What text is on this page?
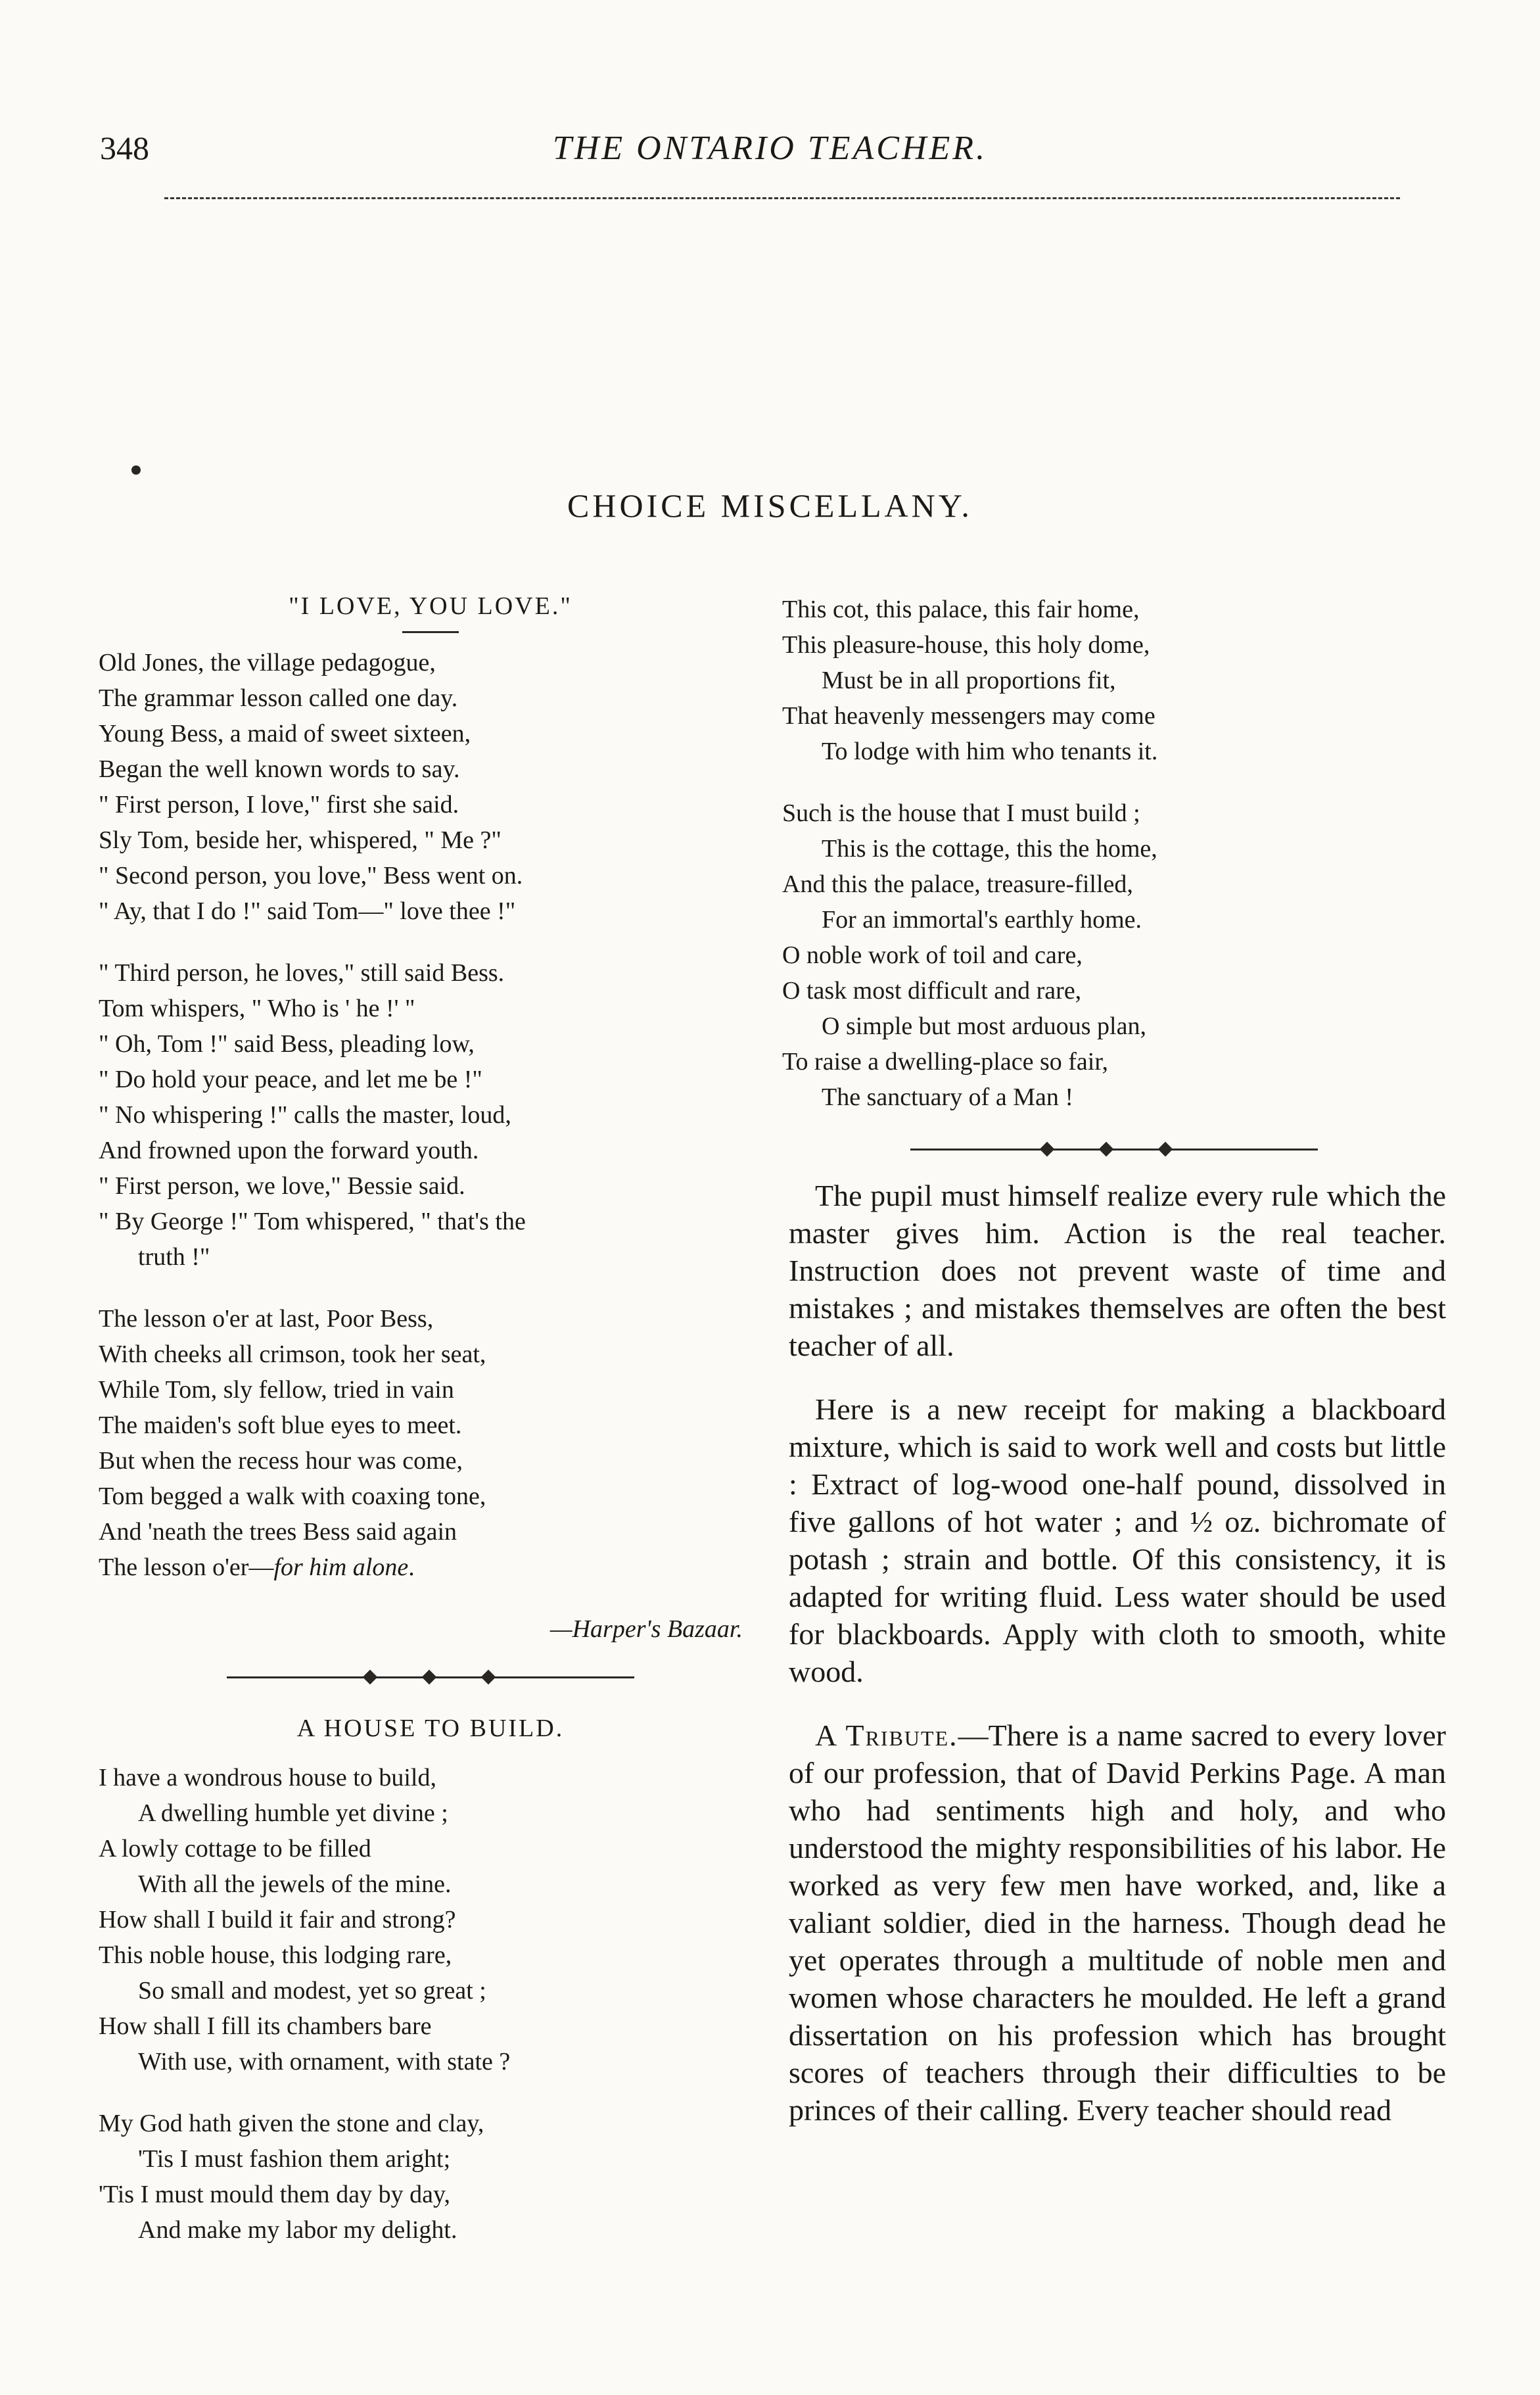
348	THE ONTARIO TEACHER.
CHOICE MISCELLANY.

"I LOVE, YOU LOVE."

Old Jones, the village pedagogue,
The grammar lesson called one day.
Young Bess, a maid of sweet sixteen,
Began the well known words to say.
" First person, I love," first she said.
Sly Tom, beside her, whispered, " Me ?"
" Second person, you love," Bess went on.
" Ay, that I do !" said Tom—" love thee !"
" Third person, he loves," still said Bess.
Tom whispers, " Who is ' he !' "
" Oh, Tom !" said Bess, pleading low,
" Do hold your peace, and let me be !"
" No whispering !" calls the master, loud,
And frowned upon the forward youth.
" First person, we love," Bessie said.
" By George !" Tom whispered, " that's the
truth !"
The lesson o'er at last, Poor Bess,
With cheeks all crimson, took her seat,
While Tom, sly fellow, tried in vain
The maiden's soft blue eyes to meet.
But when the recess hour was come,
Tom begged a walk with coaxing tone,
And 'neath the trees Bess said again
The lesson o'er—for him alone.
—Harper's Bazaar.

A HOUSE TO BUILD.

I have a wondrous house to build,
A dwelling humble yet divine ;
A lowly cottage to be filled
With all the jewels of the mine.
How shall I build it fair and strong?
This noble house, this lodging rare,
So small and modest, yet so great ;
How shall I fill its chambers bare
With use, with ornament, with state ?
My God hath given the stone and clay,
'Tis I must fashion them aright;
'Tis I must mould them day by day,
And make my labor my delight.
This cot, this palace, this fair home,
This pleasure-house, this holy dome,
Must be in all proportions fit,
That heavenly messengers may come
To lodge with him who tenants it.
Such is the house that I must build ;
This is the cottage, this the home,
And this the palace, treasure-filled,
For an immortal's earthly home.
O noble work of toil and care,
O task most difficult and rare,
O simple but most arduous plan,
To raise a dwelling-place so fair,
The sanctuary of a Man !

The pupil must himself realize every rule which the master gives him. Action is the real teacher. Instruction does not prevent waste of time and mistakes ; and mistakes themselves are often the best teacher of all.

Here is a new receipt for making a blackboard mixture, which is said to work well and costs but little : Extract of log-wood one-half pound, dissolved in five gallons of hot water ; and ½ oz. bichromate of potash ; strain and bottle. Of this consistency, it is adapted for writing fluid. Less water should be used for blackboards. Apply with cloth to smooth, white wood.

A Tribute.—There is a name sacred to every lover of our profession, that of David Perkins Page. A man who had sentiments high and holy, and who understood the mighty responsibilities of his labor. He worked as very few men have worked, and, like a valiant soldier, died in the harness. Though dead he yet operates through a multitude of noble men and women whose characters he moulded. He left a grand dissertation on his profession which has brought scores of teachers through their difficulties to be princes of their calling. Every teacher should read
